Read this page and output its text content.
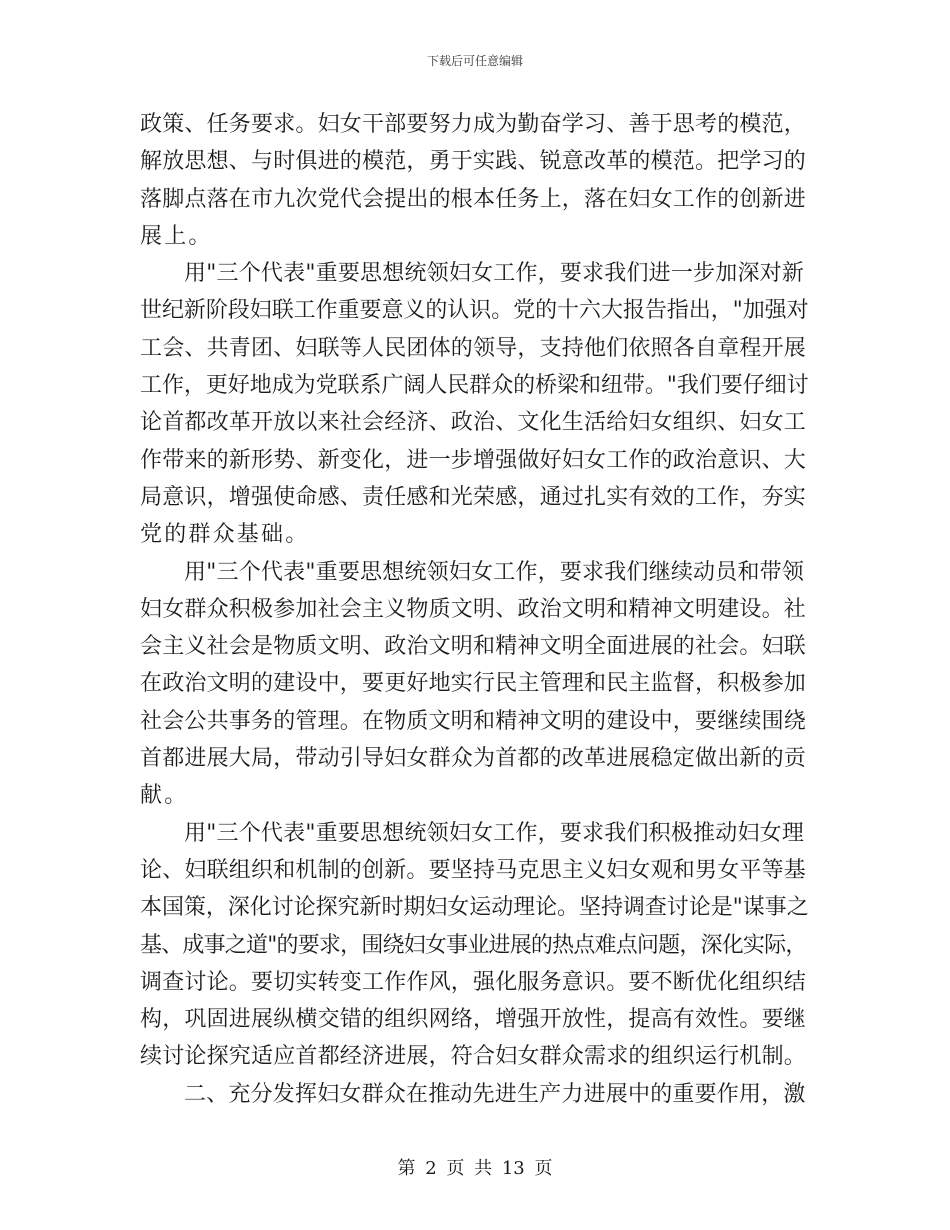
下载后可任意编辑
政策、任务要求。妇女干部要努力成为勤奋学习、善于思考的模范，
解放思想、与时俱进的模范，勇于实践、锐意改革的模范。把学习的
落脚点落在市九次党代会提出的根本任务上，落在妇女工作的创新进
展上。
用"三个代表"重要思想统领妇女工作，要求我们进一步加深对新
世纪新阶段妇联工作重要意义的认识。党的十六大报告指出，"加强对
工会、共青团、妇联等人民团体的领导，支持他们依照各自章程开展
工作，更好地成为党联系广阔人民群众的桥梁和纽带。"我们要仔细讨
论首都改革开放以来社会经济、政治、文化生活给妇女组织、妇女工
作带来的新形势、新变化，进一步增强做好妇女工作的政治意识、大
局意识，增强使命感、责任感和光荣感，通过扎实有效的工作，夯实
党的群众基础。
用"三个代表"重要思想统领妇女工作，要求我们继续动员和带领
妇女群众积极参加社会主义物质文明、政治文明和精神文明建设。社
会主义社会是物质文明、政治文明和精神文明全面进展的社会。妇联
在政治文明的建设中，要更好地实行民主管理和民主监督，积极参加
社会公共事务的管理。在物质文明和精神文明的建设中，要继续围绕
首都进展大局，带动引导妇女群众为首都的改革进展稳定做出新的贡
献。
用"三个代表"重要思想统领妇女工作，要求我们积极推动妇女理
论、妇联组织和机制的创新。要坚持马克思主义妇女观和男女平等基
本国策，深化讨论探究新时期妇女运动理论。坚持调查讨论是"谋事之
基、成事之道"的要求，围绕妇女事业进展的热点难点问题，深化实际，
调查讨论。要切实转变工作作风，强化服务意识。要不断优化组织结
构，巩固进展纵横交错的组织网络，增强开放性，提高有效性。要继
续讨论探究适应首都经济进展，符合妇女群众需求的组织运行机制。
二、充分发挥妇女群众在推动先进生产力进展中的重要作用，激
第 2 页 共 13 页
